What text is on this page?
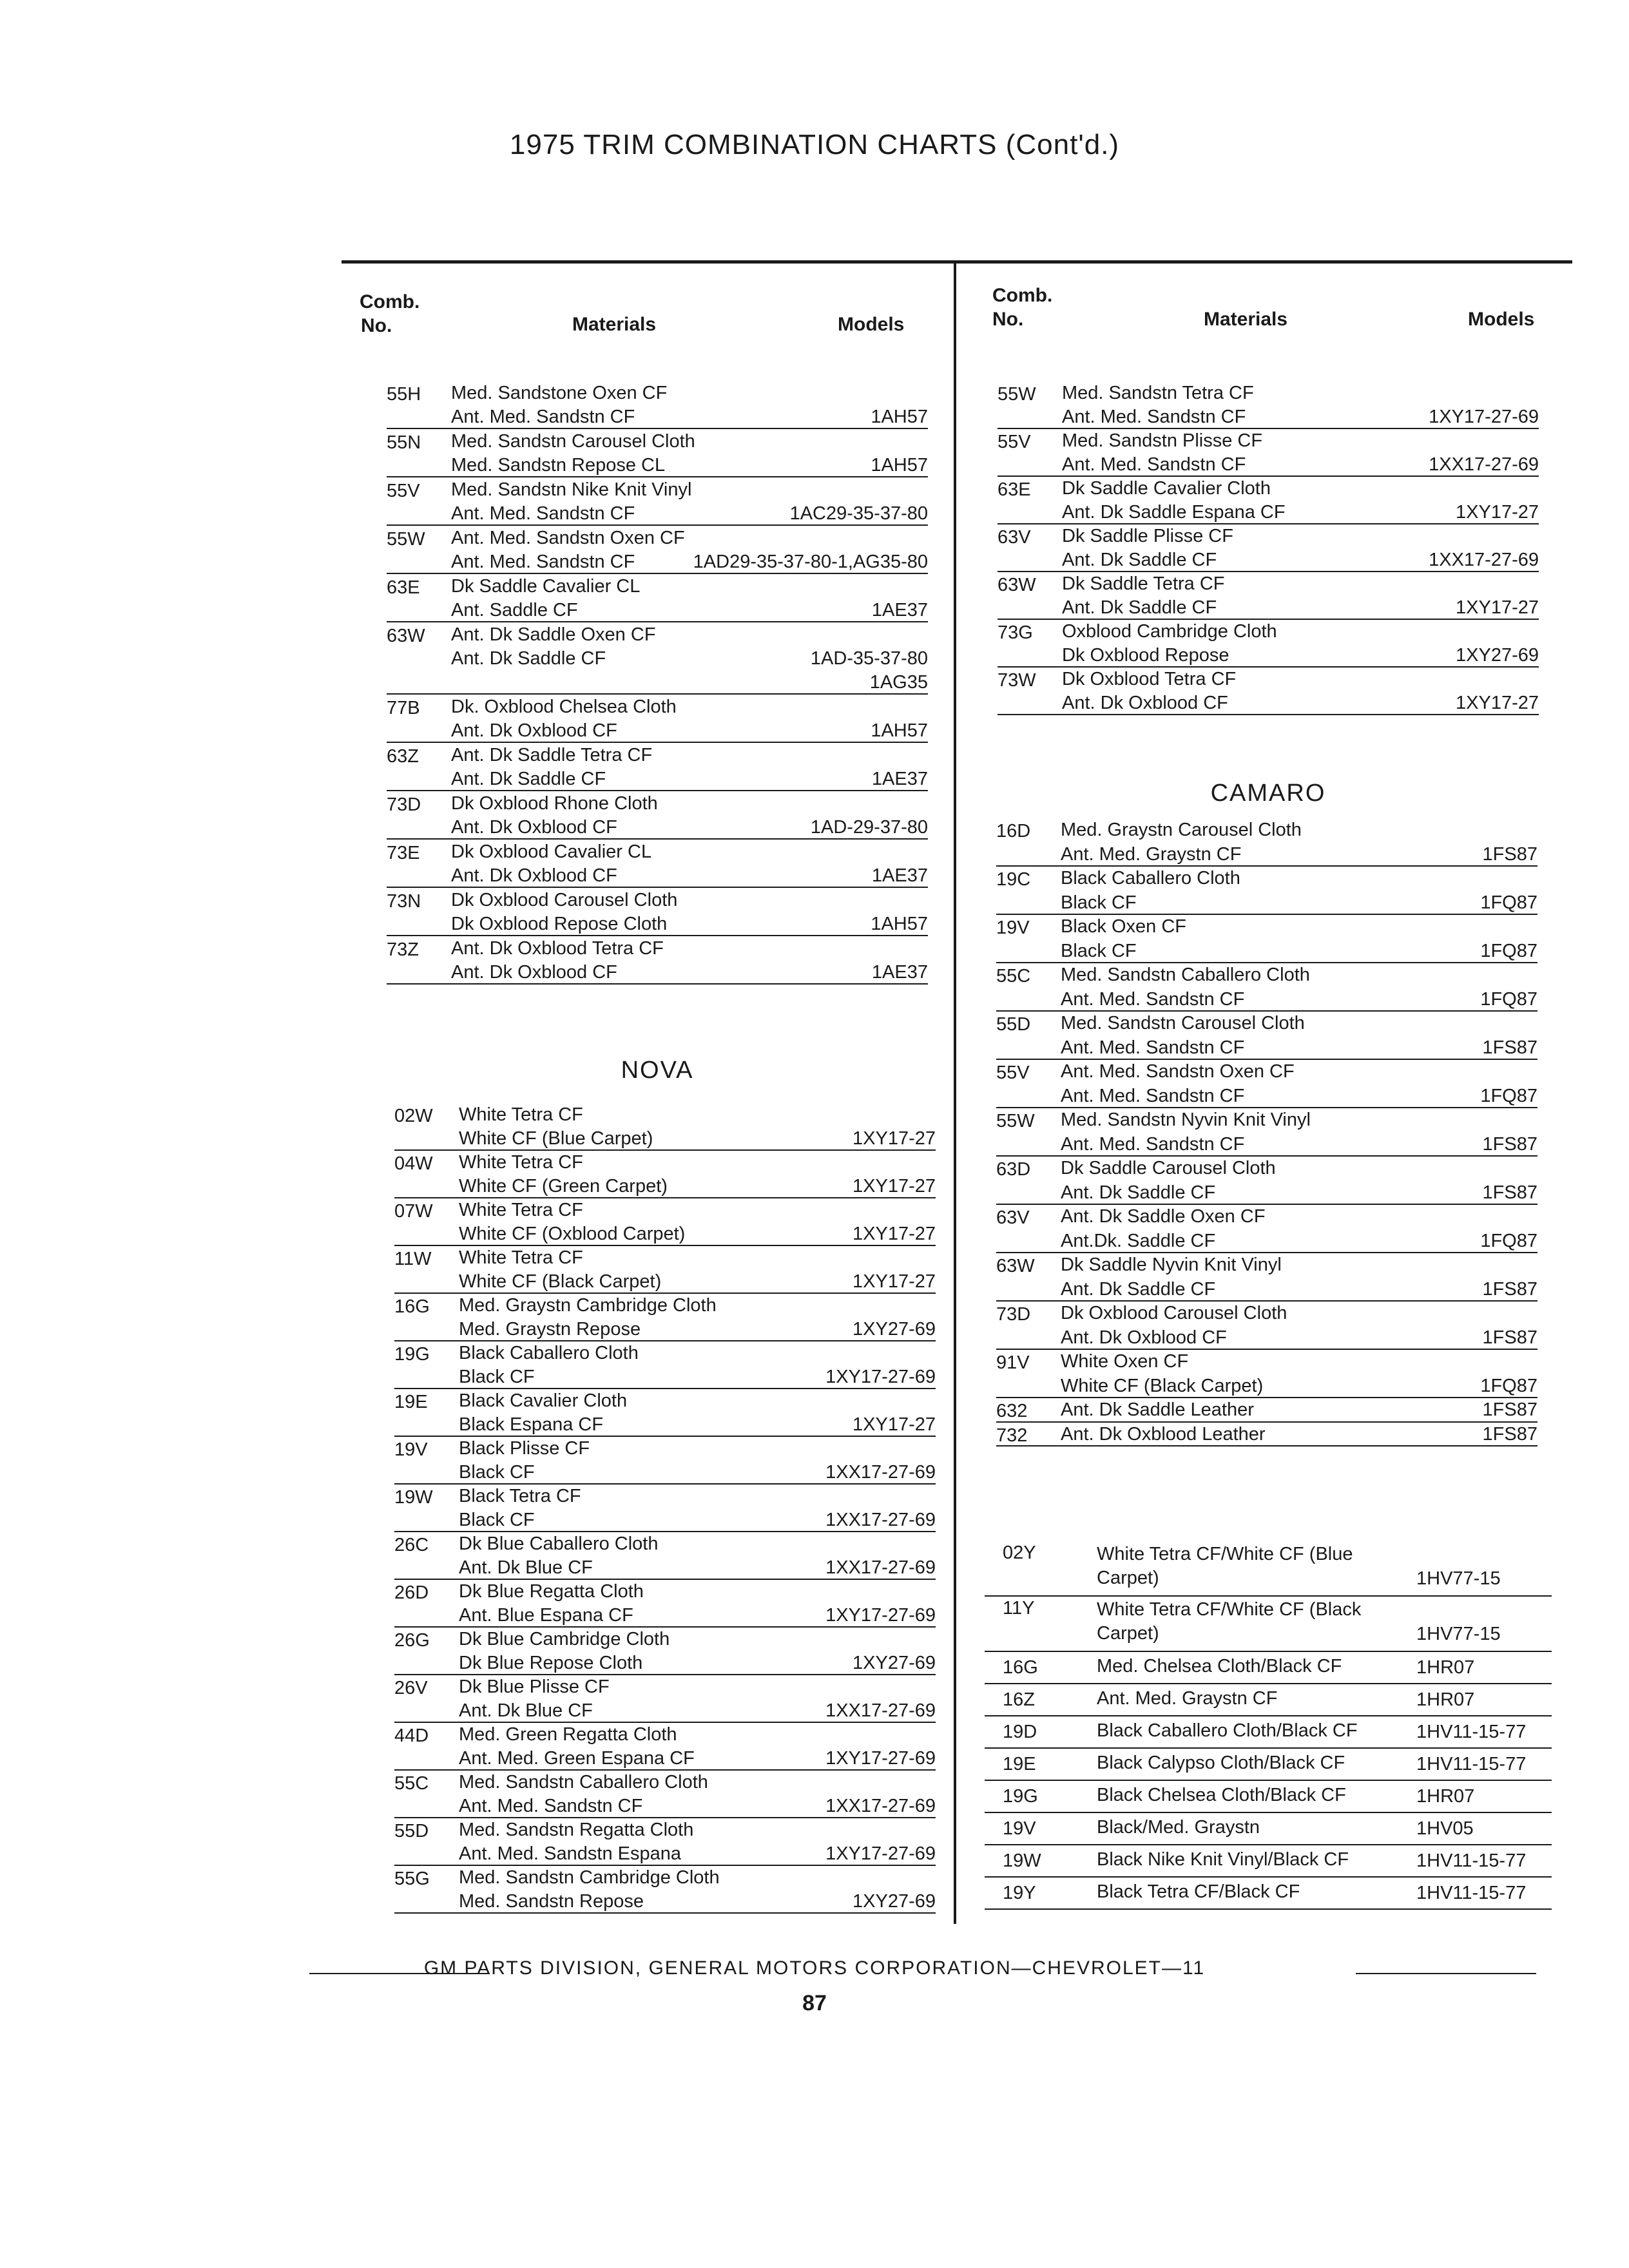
1975 TRIM COMBINATION CHARTS (Cont'd.)
Comb.
No.	Materials	Models
Comb.
No.	Materials	Models
55H Med. Sandstone Oxen CF
Ant. Med. Sandstn CF	1AH57
55N Med. Sandstn Carousel Cloth
Med. Sandstn Repose CL	1AH57
55V Med. Sandstn Nike Knit Vinyl
Ant. Med. Sandstn CF	1AC29-35-37-80
55W Ant. Med. Sandstn Oxen CF
Ant. Med. Sandstn CF	1AD29-35-37-80-1,AG35-80
63E Dk Saddle Cavalier CL
Ant. Saddle CF	1AE37
63W Ant. Dk Saddle Oxen CF
Ant. Dk Saddle CF	1AD-35-37-80
1AG35
77B Dk. Oxblood Chelsea Cloth
Ant. Dk Oxblood CF	1AH57
63Z Ant. Dk Saddle Tetra CF
Ant. Dk Saddle CF	1AE37
73D Dk Oxblood Rhone Cloth
Ant. Dk Oxblood CF	1AD-29-37-80
73E Dk Oxblood Cavalier CL
Ant. Dk Oxblood CF	1AE37
73N Dk Oxblood Carousel Cloth
Dk Oxblood Repose Cloth	1AH57
73Z Ant. Dk Oxblood Tetra CF
Ant. Dk Oxblood CF	1AE37
NOVA
02W White Tetra CF
White CF (Blue Carpet)	1XY17-27
04W White Tetra CF
White CF (Green Carpet)	1XY17-27
07W White Tetra CF
White CF (Oxblood Carpet)	1XY17-27
11W White Tetra CF
White CF (Black Carpet)	1XY17-27
16G Med. Graystn Cambridge Cloth
Med. Graystn Repose	1XY27-69
19G Black Caballero Cloth
Black CF	1XY17-27-69
19E Black Cavalier Cloth
Black Espana CF	1XY17-27
19V Black Plisse CF
Black CF	1XX17-27-69
19W Black Tetra CF
Black CF	1XX17-27-69
26C Dk Blue Caballero Cloth
Ant. Dk Blue CF	1XX17-27-69
26D Dk Blue Regatta Cloth
Ant. Blue Espana CF	1XY17-27-69
26G Dk Blue Cambridge Cloth
Dk Blue Repose Cloth	1XY27-69
26V Dk Blue Plisse CF
Ant. Dk Blue CF	1XX17-27-69
44D Med. Green Regatta Cloth
Ant. Med. Green Espana CF	1XY17-27-69
55C Med. Sandstn Caballero Cloth
Ant. Med. Sandstn CF	1XX17-27-69
55D Med. Sandstn Regatta Cloth
Ant. Med. Sandstn Espana	1XY17-27-69
55G Med. Sandstn Cambridge Cloth
Med. Sandstn Repose	1XY27-69
55W Med. Sandstn Tetra CF
Ant. Med. Sandstn CF	1XY17-27-69
55V Med. Sandstn Plisse CF
Ant. Med. Sandstn CF	1XX17-27-69
63E Dk Saddle Cavalier Cloth
Ant. Dk Saddle Espana CF	1XY17-27
63V Dk Saddle Plisse CF
Ant. Dk Saddle CF	1XX17-27-69
63W Dk Saddle Tetra CF
Ant. Dk Saddle CF	1XY17-27
73G Oxblood Cambridge Cloth
Dk Oxblood Repose	1XY27-69
73W Dk Oxblood Tetra CF
Ant. Dk Oxblood CF	1XY17-27
CAMARO
16D Med. Graystn Carousel Cloth
Ant. Med. Graystn CF	1FS87
19C Black Caballero Cloth
Black CF	1FQ87
19V Black Oxen CF
Black CF	1FQ87
55C Med. Sandstn Caballero Cloth
Ant. Med. Sandstn CF	1FQ87
55D Med. Sandstn Carousel Cloth
Ant. Med. Sandstn CF	1FS87
55V Ant. Med. Sandstn Oxen CF
Ant. Med. Sandstn CF	1FQ87
55W Med. Sandstn Nyvin Knit Vinyl
Ant. Med. Sandstn CF	1FS87
63D Dk Saddle Carousel Cloth
Ant. Dk Saddle CF	1FS87
63V Ant. Dk Saddle Oxen CF
Ant.Dk. Saddle CF	1FQ87
63W Dk Saddle Nyvin Knit Vinyl
Ant. Dk Saddle CF	1FS87
73D Dk Oxblood Carousel Cloth
Ant. Dk Oxblood CF	1FS87
91V White Oxen CF
White CF (Black Carpet)	1FQ87
632 Ant. Dk Saddle Leather	1FS87
732 Ant. Dk Oxblood Leather	1FS87
02Y	White Tetra CF/White CF (Blue Carpet)	1HV77-15
11Y	White Tetra CF/White CF (Black Carpet)	1HV77-15
16G	Med. Chelsea Cloth/Black CF	1HR07
16Z	Ant. Med. Graystn CF	1HR07
19D	Black Caballero Cloth/Black CF	1HV11-15-77
19E	Black Calypso Cloth/Black CF	1HV11-15-77
19G	Black Chelsea Cloth/Black CF	1HR07
19V	Black/Med. Graystn	1HV05
19W	Black Nike Knit Vinyl/Black CF	1HV11-15-77
19Y	Black Tetra CF/Black CF	1HV11-15-77
GM PARTS DIVISION, GENERAL MOTORS CORPORATION—CHEVROLET—11
87
